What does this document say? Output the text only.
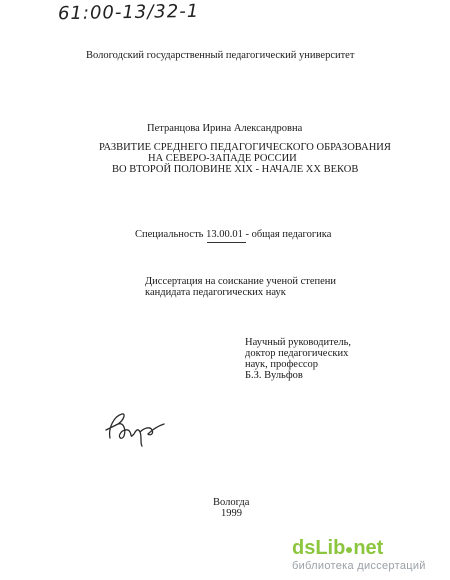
61:00-13/32-1
Вологодский государственный педагогический университет
Петранцова Ирина Александровна
РАЗВИТИЕ СРЕДНЕГО ПЕДАГОГИЧЕСКОГО ОБРАЗОВАНИЯ
НА СЕВЕРО-ЗАПАДЕ РОССИИ
ВО ВТОРОЙ ПОЛОВИНЕ XIX - НАЧАЛЕ XX ВЕКОВ
Специальность 13.00.01 - общая педагогика
Диссертация на соискание ученой степени
кандидата педагогических наук
Научный руководитель,
доктор педагогических
наук, профессор
Б.З. Вульфов
Вологда
1999
dsLib net
библиотека диссертаций
